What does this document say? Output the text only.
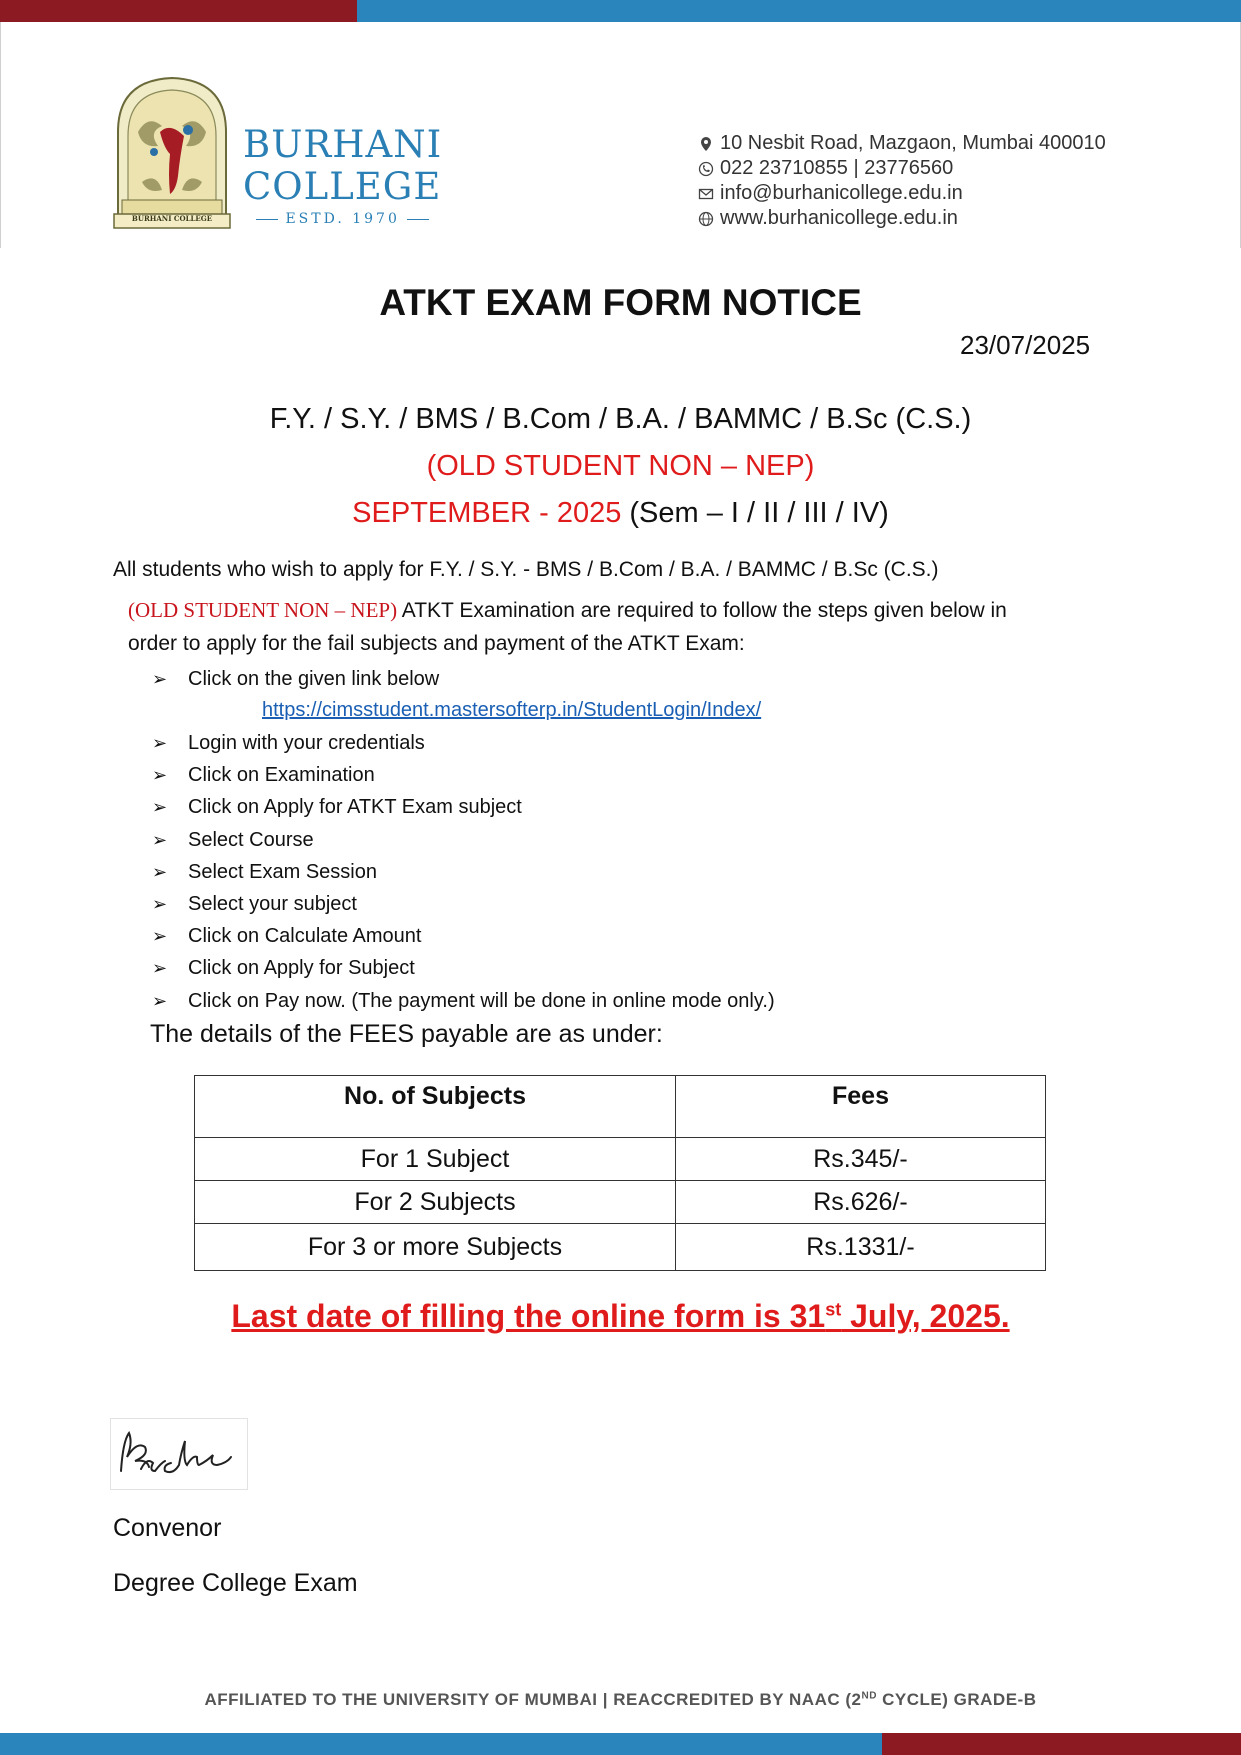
BURHANI COLLEGE
BURHANI
COLLEGE
ESTD. 1970
10 Nesbit Road, Mazgaon, Mumbai 400010
022 23710855 | 23776560
info@burhanicollege.edu.in
www.burhanicollege.edu.in
ATKT EXAM FORM NOTICE
23/07/2025
F.Y. / S.Y. / BMS / B.Com / B.A. / BAMMC / B.Sc (C.S.)
(OLD STUDENT NON – NEP)
SEPTEMBER - 2025 (Sem – I / II / III / IV)
All students who wish to apply for F.Y. / S.Y. - BMS / B.Com / B.A. / BAMMC / B.Sc (C.S.)
(OLD STUDENT NON – NEP) ATKT Examination are required to follow the steps given below in
order to apply for the fail subjects and payment of the ATKT Exam:
➢ Click on the given link below
https://cimsstudent.mastersofterp.in/StudentLogin/Index/
➢ Login with your credentials
➢ Click on Examination
➢ Click on Apply for ATKT Exam subject
➢ Select Course
➢ Select Exam Session
➢ Select your subject
➢ Click on Calculate Amount
➢ Click on Apply for Subject
➢ Click on Pay now. (The payment will be done in online mode only.)
The details of the FEES payable are as under:
No. of Subjects	Fees
For 1 Subject	Rs.345/-
For 2 Subjects	Rs.626/-
For 3 or more Subjects	Rs.1331/-
Last date of filling the online form is 31st July, 2025.
Convenor
Degree College Exam
AFFILIATED TO THE UNIVERSITY OF MUMBAI | REACCREDITED BY NAAC (2ND CYCLE) GRADE-B
